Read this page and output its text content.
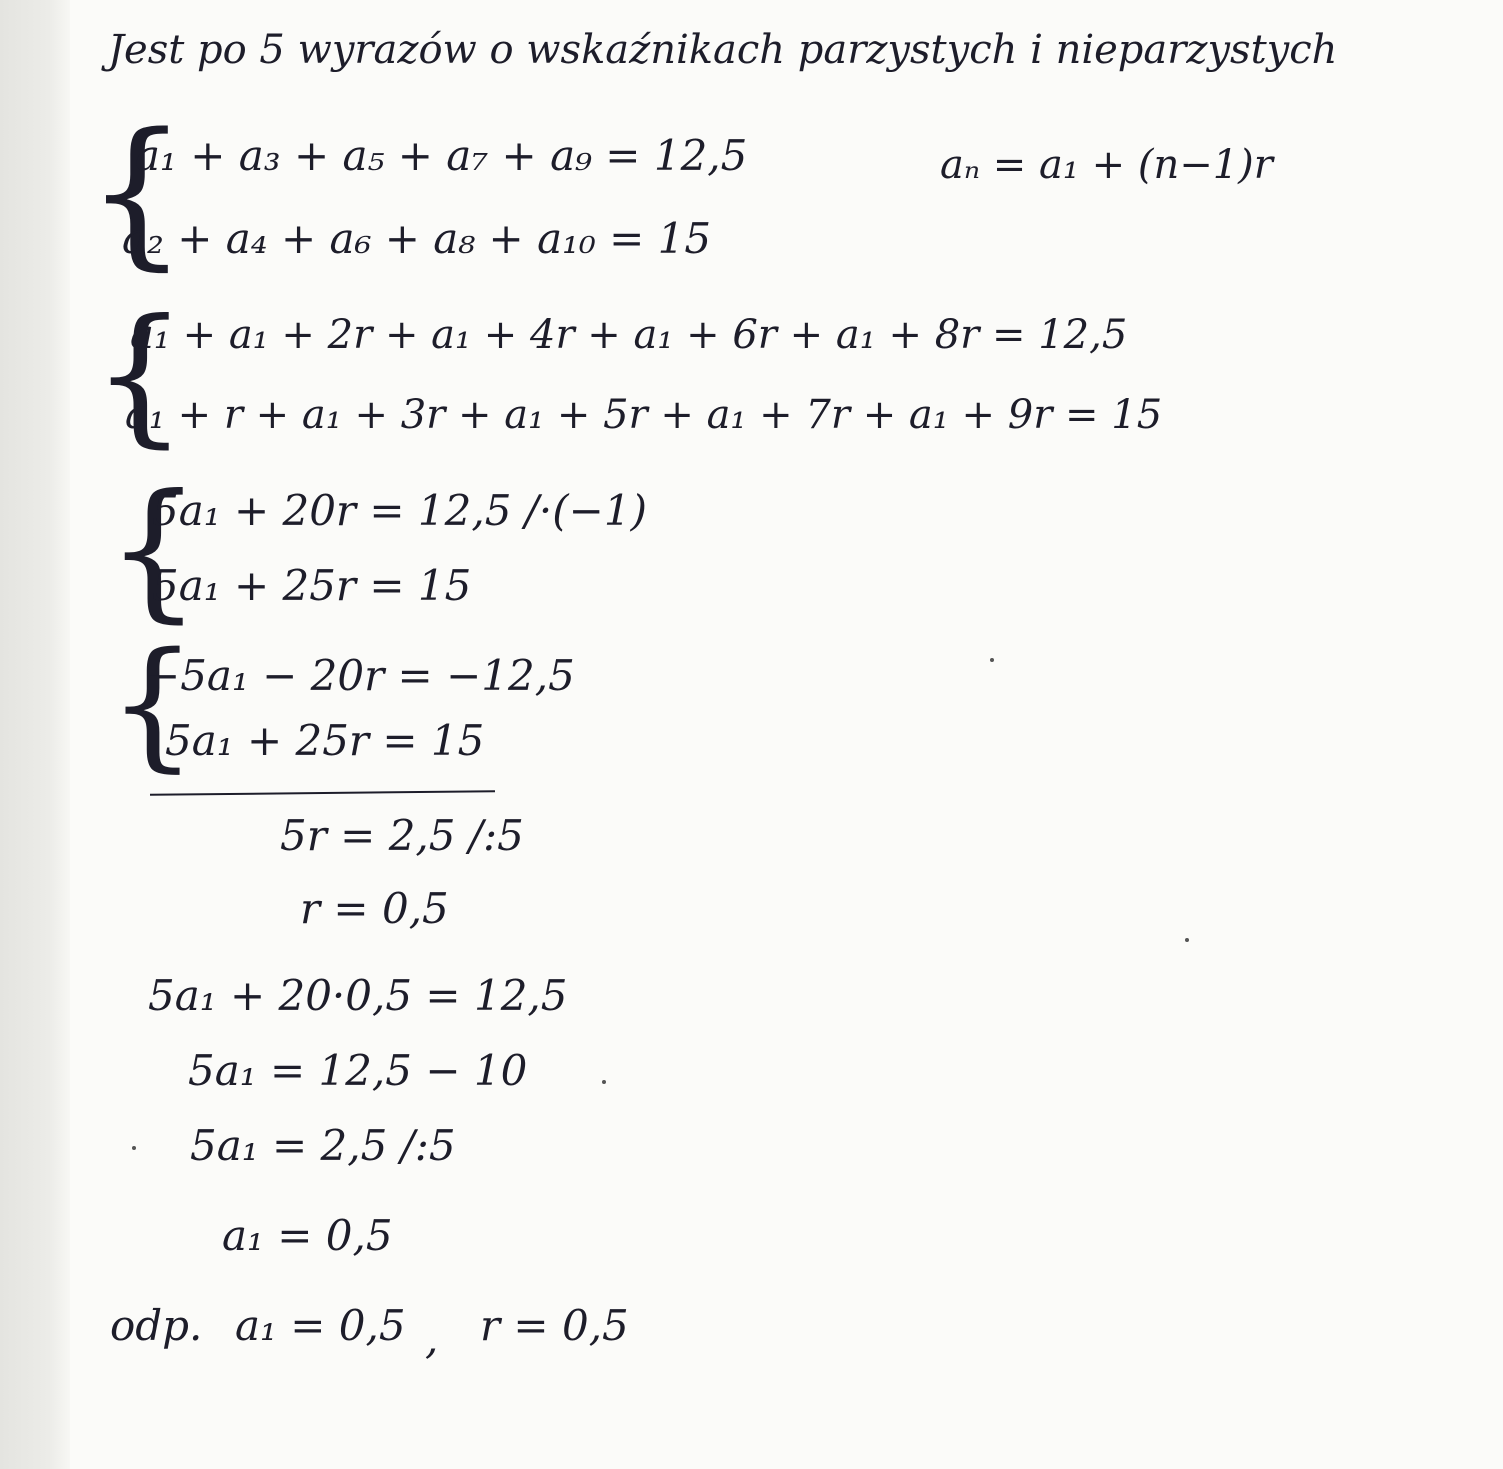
Jest po 5 wyrazów o wskaźnikach parzystych i nieparzystych
{
a₁ + a₃ + a₅ + a₇ + a₉ = 12,5
a₂ + a₄ + a₆ + a₈ + a₁₀ = 15
aₙ = a₁ + (n−1)r
{
a₁ + a₁ + 2r + a₁ + 4r + a₁ + 6r + a₁ + 8r = 12,5
a₁ + r + a₁ + 3r + a₁ + 5r + a₁ + 7r + a₁ + 9r = 15
{
5a₁ + 20r = 12,5 /·(−1)
5a₁ + 25r = 15
{
−5a₁ − 20r = −12,5
5a₁ + 25r = 15
5r = 2,5 /:5
r = 0,5
5a₁ + 20·0,5 = 12,5
5a₁ = 12,5 − 10
5a₁ = 2,5 /:5
a₁ = 0,5
odp. a₁ = 0,5 , r = 0,5
